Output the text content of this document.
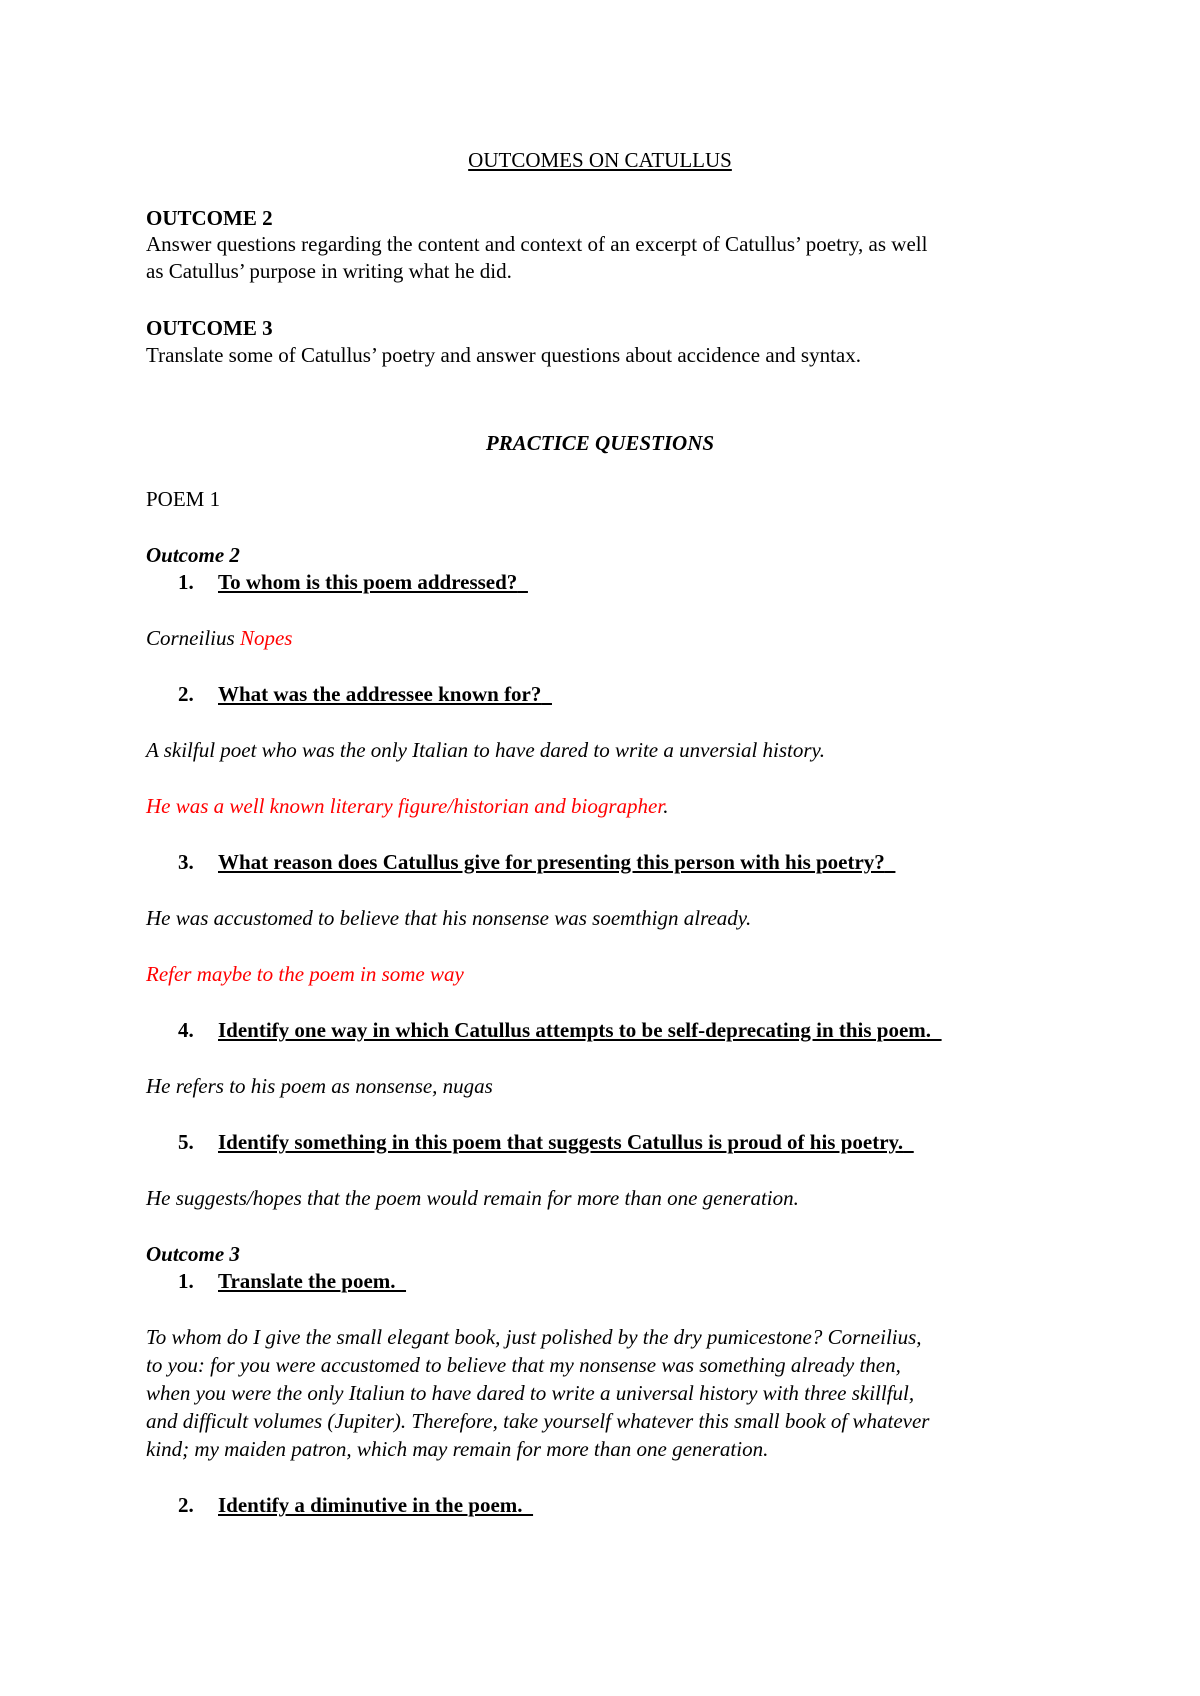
OUTCOMES ON CATULLUS
OUTCOME 2
Answer questions regarding the content and context of an excerpt of Catullus’ poetry, as well
as Catullus’ purpose in writing what he did.
OUTCOME 3
Translate some of Catullus’ poetry and answer questions about accidence and syntax.
PRACTICE QUESTIONS
POEM 1
Outcome 2
1. To whom is this poem addressed?
Corneilius Nopes
2. What was the addressee known for?
A skilful poet who was the only Italian to have dared to write a unversial history.
He was a well known literary figure/historian and biographer.
3. What reason does Catullus give for presenting this person with his poetry?
He was accustomed to believe that his nonsense was soemthign already.
Refer maybe to the poem in some way
4. Identify one way in which Catullus attempts to be self-deprecating in this poem.
He refers to his poem as nonsense, nugas
5. Identify something in this poem that suggests Catullus is proud of his poetry.
He suggests/hopes that the poem would remain for more than one generation.
Outcome 3
1. Translate the poem.
To whom do I give the small elegant book, just polished by the dry pumicestone? Corneilius,
to you: for you were accustomed to believe that my nonsense was something already then,
when you were the only Italiun to have dared to write a universal history with three skillful,
and difficult volumes (Jupiter). Therefore, take yourself whatever this small book of whatever
kind; my maiden patron, which may remain for more than one generation.
2. Identify a diminutive in the poem.
